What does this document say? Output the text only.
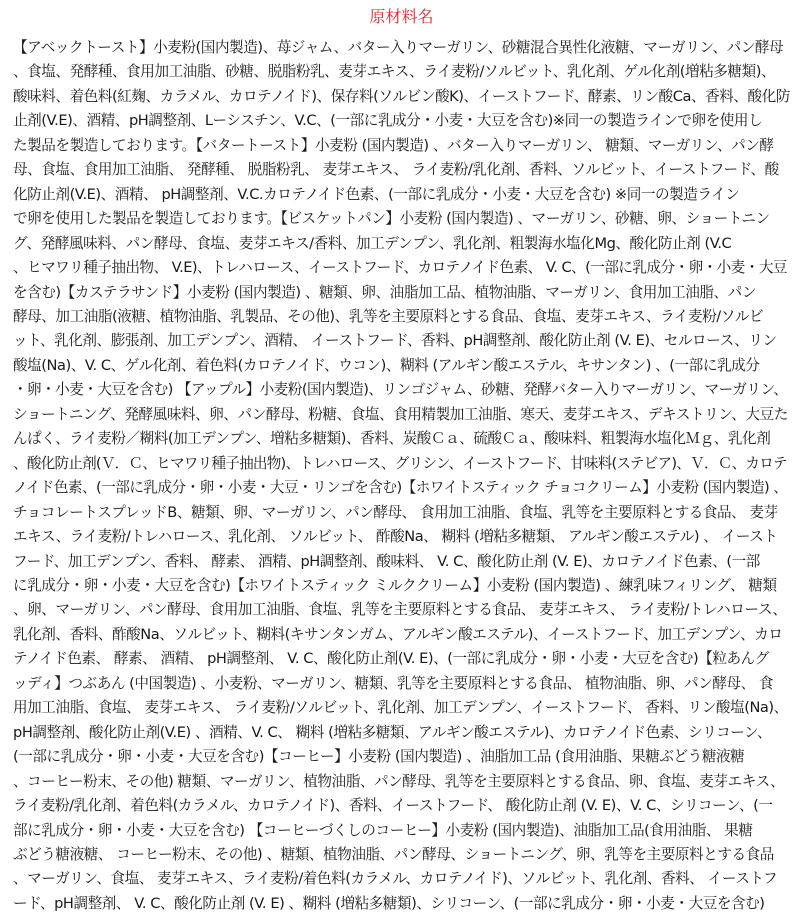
原材料名
【アベックトースト】小麦粉(国内製造)、苺ジャム、バター入りマーガリン、砂糖混合異性化液糖、マーガリン、パン酵母
、食塩、発酵種、食用加工油脂、砂糖、脱脂粉乳、麦芽エキス、ライ麦粉/ソルビット、乳化剤、ゲル化剤(増粘多糖類)、
酸味料、着色料(紅麹、カラメル、カロテノイド)、保存料(ソルビン酸K)、イーストフード、酵素、リン酸Ca、香料、酸化防
止剤(V.E)、酒精、pH調整剤、Lーシスチン、V.C、(一部に乳成分・小麦・大豆を含む)※同一の製造ラインで卵を使用し
た製品を製造しております。【バタートースト】小麦粉 (国内製造) 、バター入りマーガリン、 糖類、マーガリン、パン酵
母、食塩、食用加工油脂、 発酵種、 脱脂粉乳、 麦芽エキス、 ライ麦粉/乳化剤、香料、ソルビット、イーストフード、酸
化防止剤(V.E)、酒精、 pH調整剤、V.C.カロテノイド色素、(一部に乳成分・小麦・大豆を含む) ※同一の製造ライン
で卵を使用した製品を製造しております。【ビスケットパン】小麦粉 (国内製造) 、マーガリン、砂糖、卵、ショートニン
グ、発酵風味料、パン酵母、食塩、麦芽エキス/香料、加工デンプン、乳化剤、粗製海水塩化Mg、酸化防止剤 (V.C
、ヒマワリ種子抽出物、 V.E)、トレハロース、イーストフード、カロテノイド色素、 V. C、(一部に乳成分・卵・小麦・大豆
を含む)【カステラサンド】小麦粉 (国内製造) 、糖類、卵、油脂加工品、植物油脂、マーガリン、食用加工油脂、パン
酵母、加工油脂(液糖、植物油脂、乳製品、その他)、乳等を主要原料とする食品、食塩、麦芽エキス、ライ麦粉/ソルビ
ット、乳化剤、膨張剤、加工デンプン、酒精、 イーストフード、香料、pH調整剤、酸化防止剤 (V. E)、セルロース、リン
酸塩(Na)、V. C、ゲル化剤、着色料(カロテノイド、ウコン)、糊料 (アルギン酸エステル、キサンタン) 、(一部に乳成分
・卵・小麦・大豆を含む) 【アップル】小麦粉(国内製造)、リンゴジャム、砂糖、発酵バター入りマーガリン、マーガリン、
ショートニング、発酵風味料、卵、パン酵母、粉糖、食塩、食用精製加工油脂、寒天、麦芽エキス、デキストリン、大豆た
んぱく、ライ麦粉／糊料(加工デンプン、増粘多糖類)、香料、炭酸Ｃａ、硫酸Ｃａ、酸味料、粗製海水塩化Ｍｇ、乳化剤
、酸化防止剤(Ｖ．Ｃ、ヒマワリ種子抽出物)、トレハロース、グリシン、イーストフード、甘味料(ステビア)、Ｖ．Ｃ、カロテ
ノイド色素、(一部に乳成分・卵・小麦・大豆・リンゴを含む)【ホワイトスティック チョコクリーム】小麦粉 (国内製造) 、
チョコレートスプレッドB、糖類、卵、マーガリン、パン酵母、 食用加工油脂、食塩、乳等を主要原料とする食品、 麦芽
エキス、ライ麦粉/トレハロース、乳化剤、 ソルビット、 酢酸Na、 糊料 (増粘多糖類、 アルギン酸エステル) 、 イースト
フード、加工デンプン、香料、 酵素、 酒精、pH調整剤、酸味料、 V. C、酸化防止剤 (V. E)、カロテノイド色素、(一部
に乳成分・卵・小麦・大豆を含む)【ホワイトスティック ミルククリーム】小麦粉 (国内製造) 、練乳味フィリング、 糖類
、卵、マーガリン、パン酵母、食用加工油脂、食塩、乳等を主要原料とする食品、 麦芽エキス、 ライ麦粉/トレハロース、
乳化剤、香料、酢酸Na、ソルビット、糊料(キサンタンガム、アルギン酸エステル)、イーストフード、加工デンプン、カロ
テノイド色素、 酵素、 酒精、 pH調整剤、 V. C、酸化防止剤(V. E)、(一部に乳成分・卵・小麦・大豆を含む)【粒あんグ
ッディ】つぶあん (中国製造) 、小麦粉、マーガリン、糖類、乳等を主要原料とする食品、 植物油脂、卵、パン酵母、 食
用加工油脂、食塩、 麦芽エキス、 ライ麦粉/ソルビット、乳化剤、加工デンプン、イーストフード、 香料、リン酸塩(Na)、
pH調整剤、酸化防止剤(V.E) 、酒精、V. C、 糊料 (増粘多糖類、アルギン酸エステル)、カロテノイド色素、シリコーン、
(一部に乳成分・卵・小麦・大豆を含む)【コーヒー】小麦粉 (国内製造) 、油脂加工品 (食用油脂、果糖ぶどう糖液糖
、コーヒー粉末、その他) 糖類、マーガリン、植物油脂、パン酵母、乳等を主要原料とする食品、卵、食塩、麦芽エキス、
ライ麦粉/乳化剤、着色料(カラメル、カロテノイド)、香料、イーストフード、 酸化防止剤 (V. E)、V. C、シリコーン、(一
部に乳成分・卵・小麦・大豆を含む) 【コーヒーづくしのコーヒー】小麦粉 (国内製造)、油脂加工品(食用油脂、 果糖
ぶどう糖液糖、 コーヒー粉末、その他) 、糖類、植物油脂、パン酵母、ショートニング、卵、乳等を主要原料とする食品
、マーガリン、食塩、 麦芽エキス、ライ麦粉/着色料(カラメル、カロテノイド)、ソルビット、乳化剤、香料、 イーストフ
ード、pH調整剤、 V. C、酸化防止剤 (V. E) 、糊料 (増粘多糖類)、シリコーン、(一部に乳成分・卵・小麦・大豆を含む)
